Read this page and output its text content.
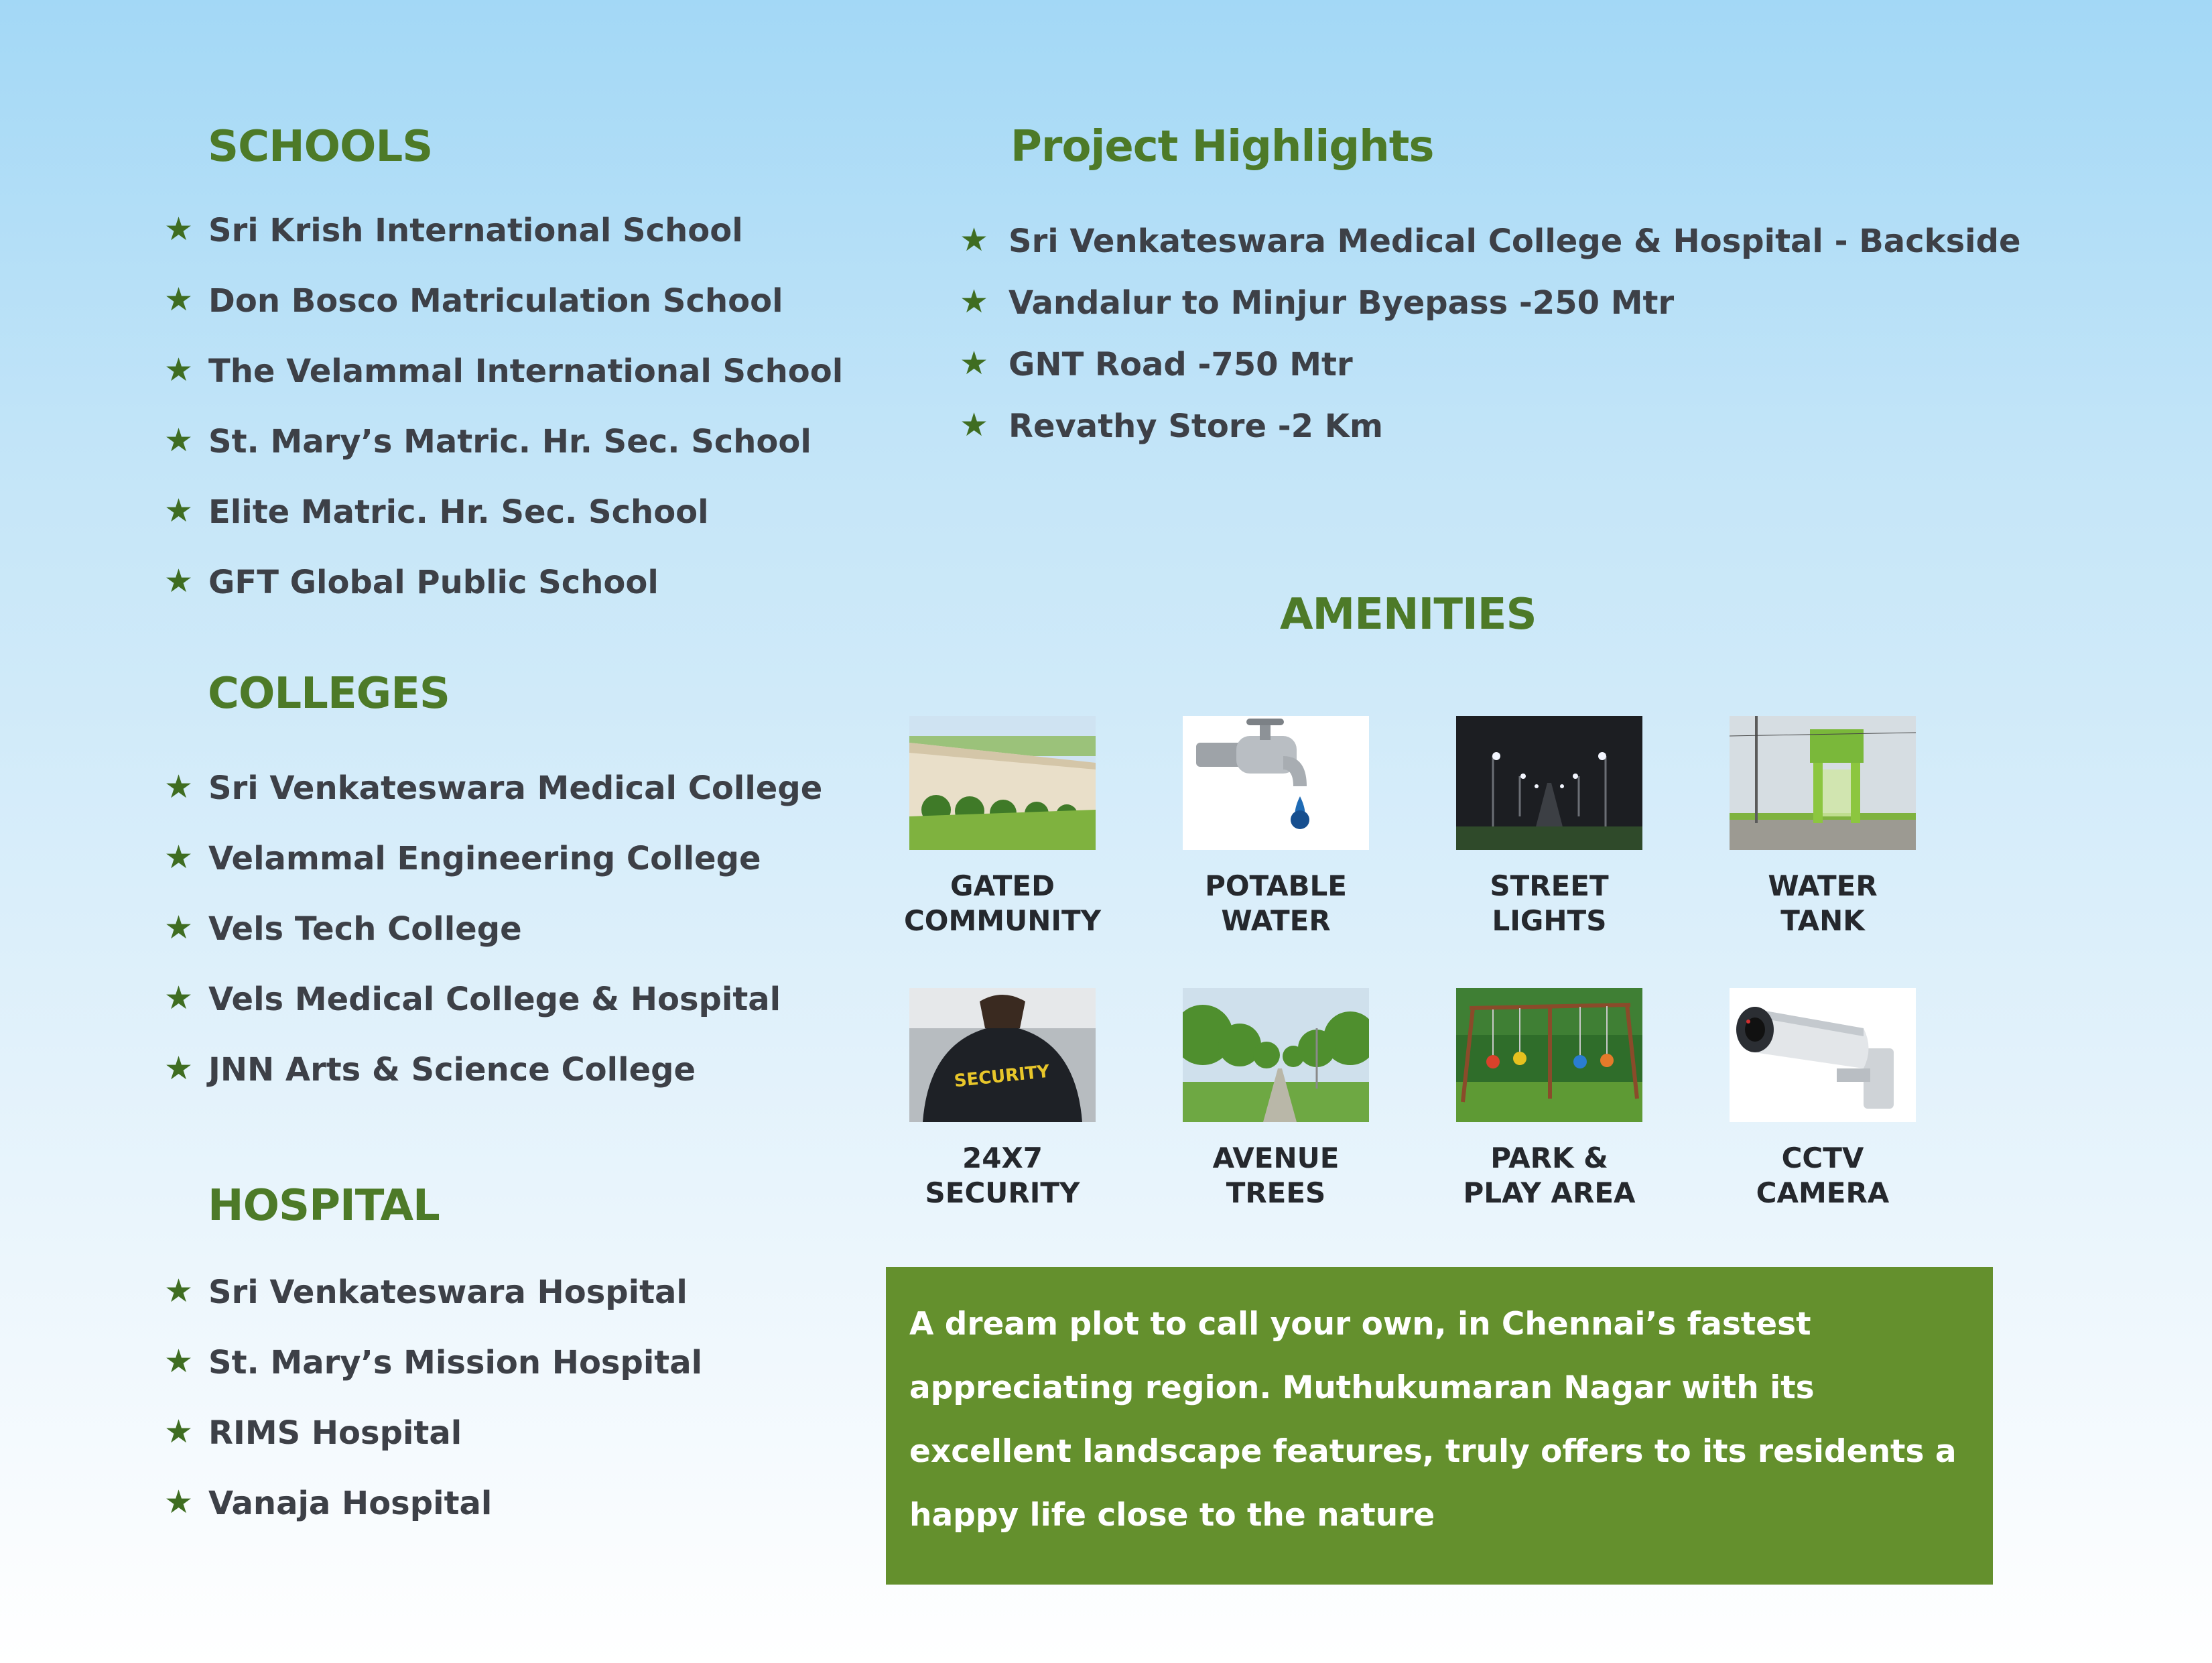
SCHOOLS
★ Sri Krish International School
★ Don Bosco Matriculation School
★ The Velammal International School
★ St. Mary’s Matric. Hr. Sec. School
★ Elite Matric. Hr. Sec. School
★ GFT Global Public School
COLLEGES
★ Sri Venkateswara Medical College
★ Velammal Engineering College
★ Vels Tech College
★ Vels Medical College & Hospital
★ JNN Arts & Science College
HOSPITAL
★ Sri Venkateswara Hospital
★ St. Mary’s Mission Hospital
★ RIMS Hospital
★ Vanaja Hospital
Project Highlights
★ Sri Venkateswara Medical College & Hospital - Backside
★ Vandalur to Minjur Byepass -250 Mtr
★ GNT Road -750 Mtr
★ Revathy Store -2 Km
AMENITIES
GATED
COMMUNITY
POTABLE
WATER
STREET
LIGHTS
WATER
TANK
SECURITY
24X7
SECURITY
AVENUE
TREES
PARK &
PLAY AREA
CCTV
CAMERA

A dream plot to call your own, in Chennai’s fastest appreciating region. Muthukumaran Nagar with its excellent landscape features, truly offers to its residents a happy life close to the nature
